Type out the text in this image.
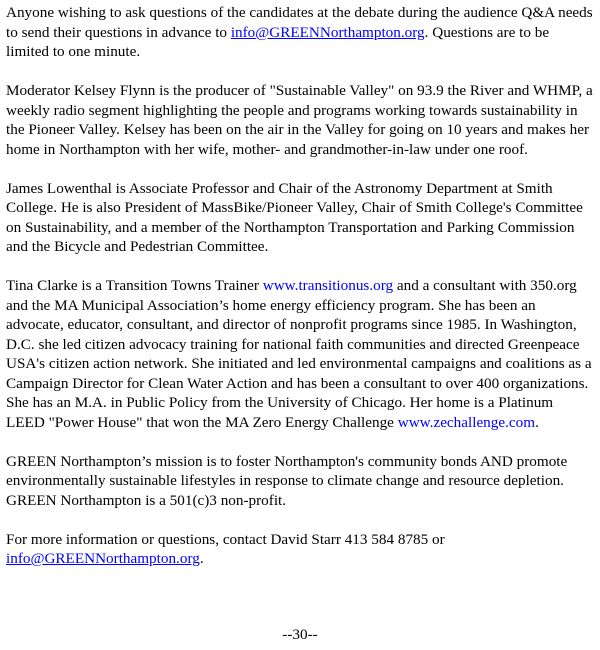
Anyone wishing to ask questions of the candidates at the debate during the audience Q&A needs to send their questions in advance to info@GREENNorthampton.org. Questions are to be limited to one minute.

Moderator Kelsey Flynn is the producer of "Sustainable Valley" on 93.9 the River and WHMP, a weekly radio segment highlighting the people and programs working towards sustainability in the Pioneer Valley. Kelsey has been on the air in the Valley for going on 10 years and makes her home in Northampton with her wife, mother- and grandmother-in-law under one roof.

James Lowenthal is Associate Professor and Chair of the Astronomy Department at Smith College. He is also President of MassBike/Pioneer Valley, Chair of Smith College's Committee on Sustainability, and a member of the Northampton Transportation and Parking Commission and the Bicycle and Pedestrian Committee.

Tina Clarke is a Transition Towns Trainer www.transitionus.org and a consultant with 350.org and the MA Municipal Association’s home energy efficiency program. She has been an advocate, educator, consultant, and director of nonprofit programs since 1985. In Washington, D.C. she led citizen advocacy training for national faith communities and directed Greenpeace USA's citizen action network. She initiated and led environmental campaigns and coalitions as a Campaign Director for Clean Water Action and has been a consultant to over 400 organizations. She has an M.A. in Public Policy from the University of Chicago. Her home is a Platinum LEED "Power House" that won the MA Zero Energy Challenge www.zechallenge.com.

GREEN Northampton’s mission is to foster Northampton's community bonds AND promote environmentally sustainable lifestyles in response to climate change and resource depletion. GREEN Northampton is a 501(c)3 non-profit.

For more information or questions, contact David Starr 413 584 8785 or info@GREENNorthampton.org.

--30--
